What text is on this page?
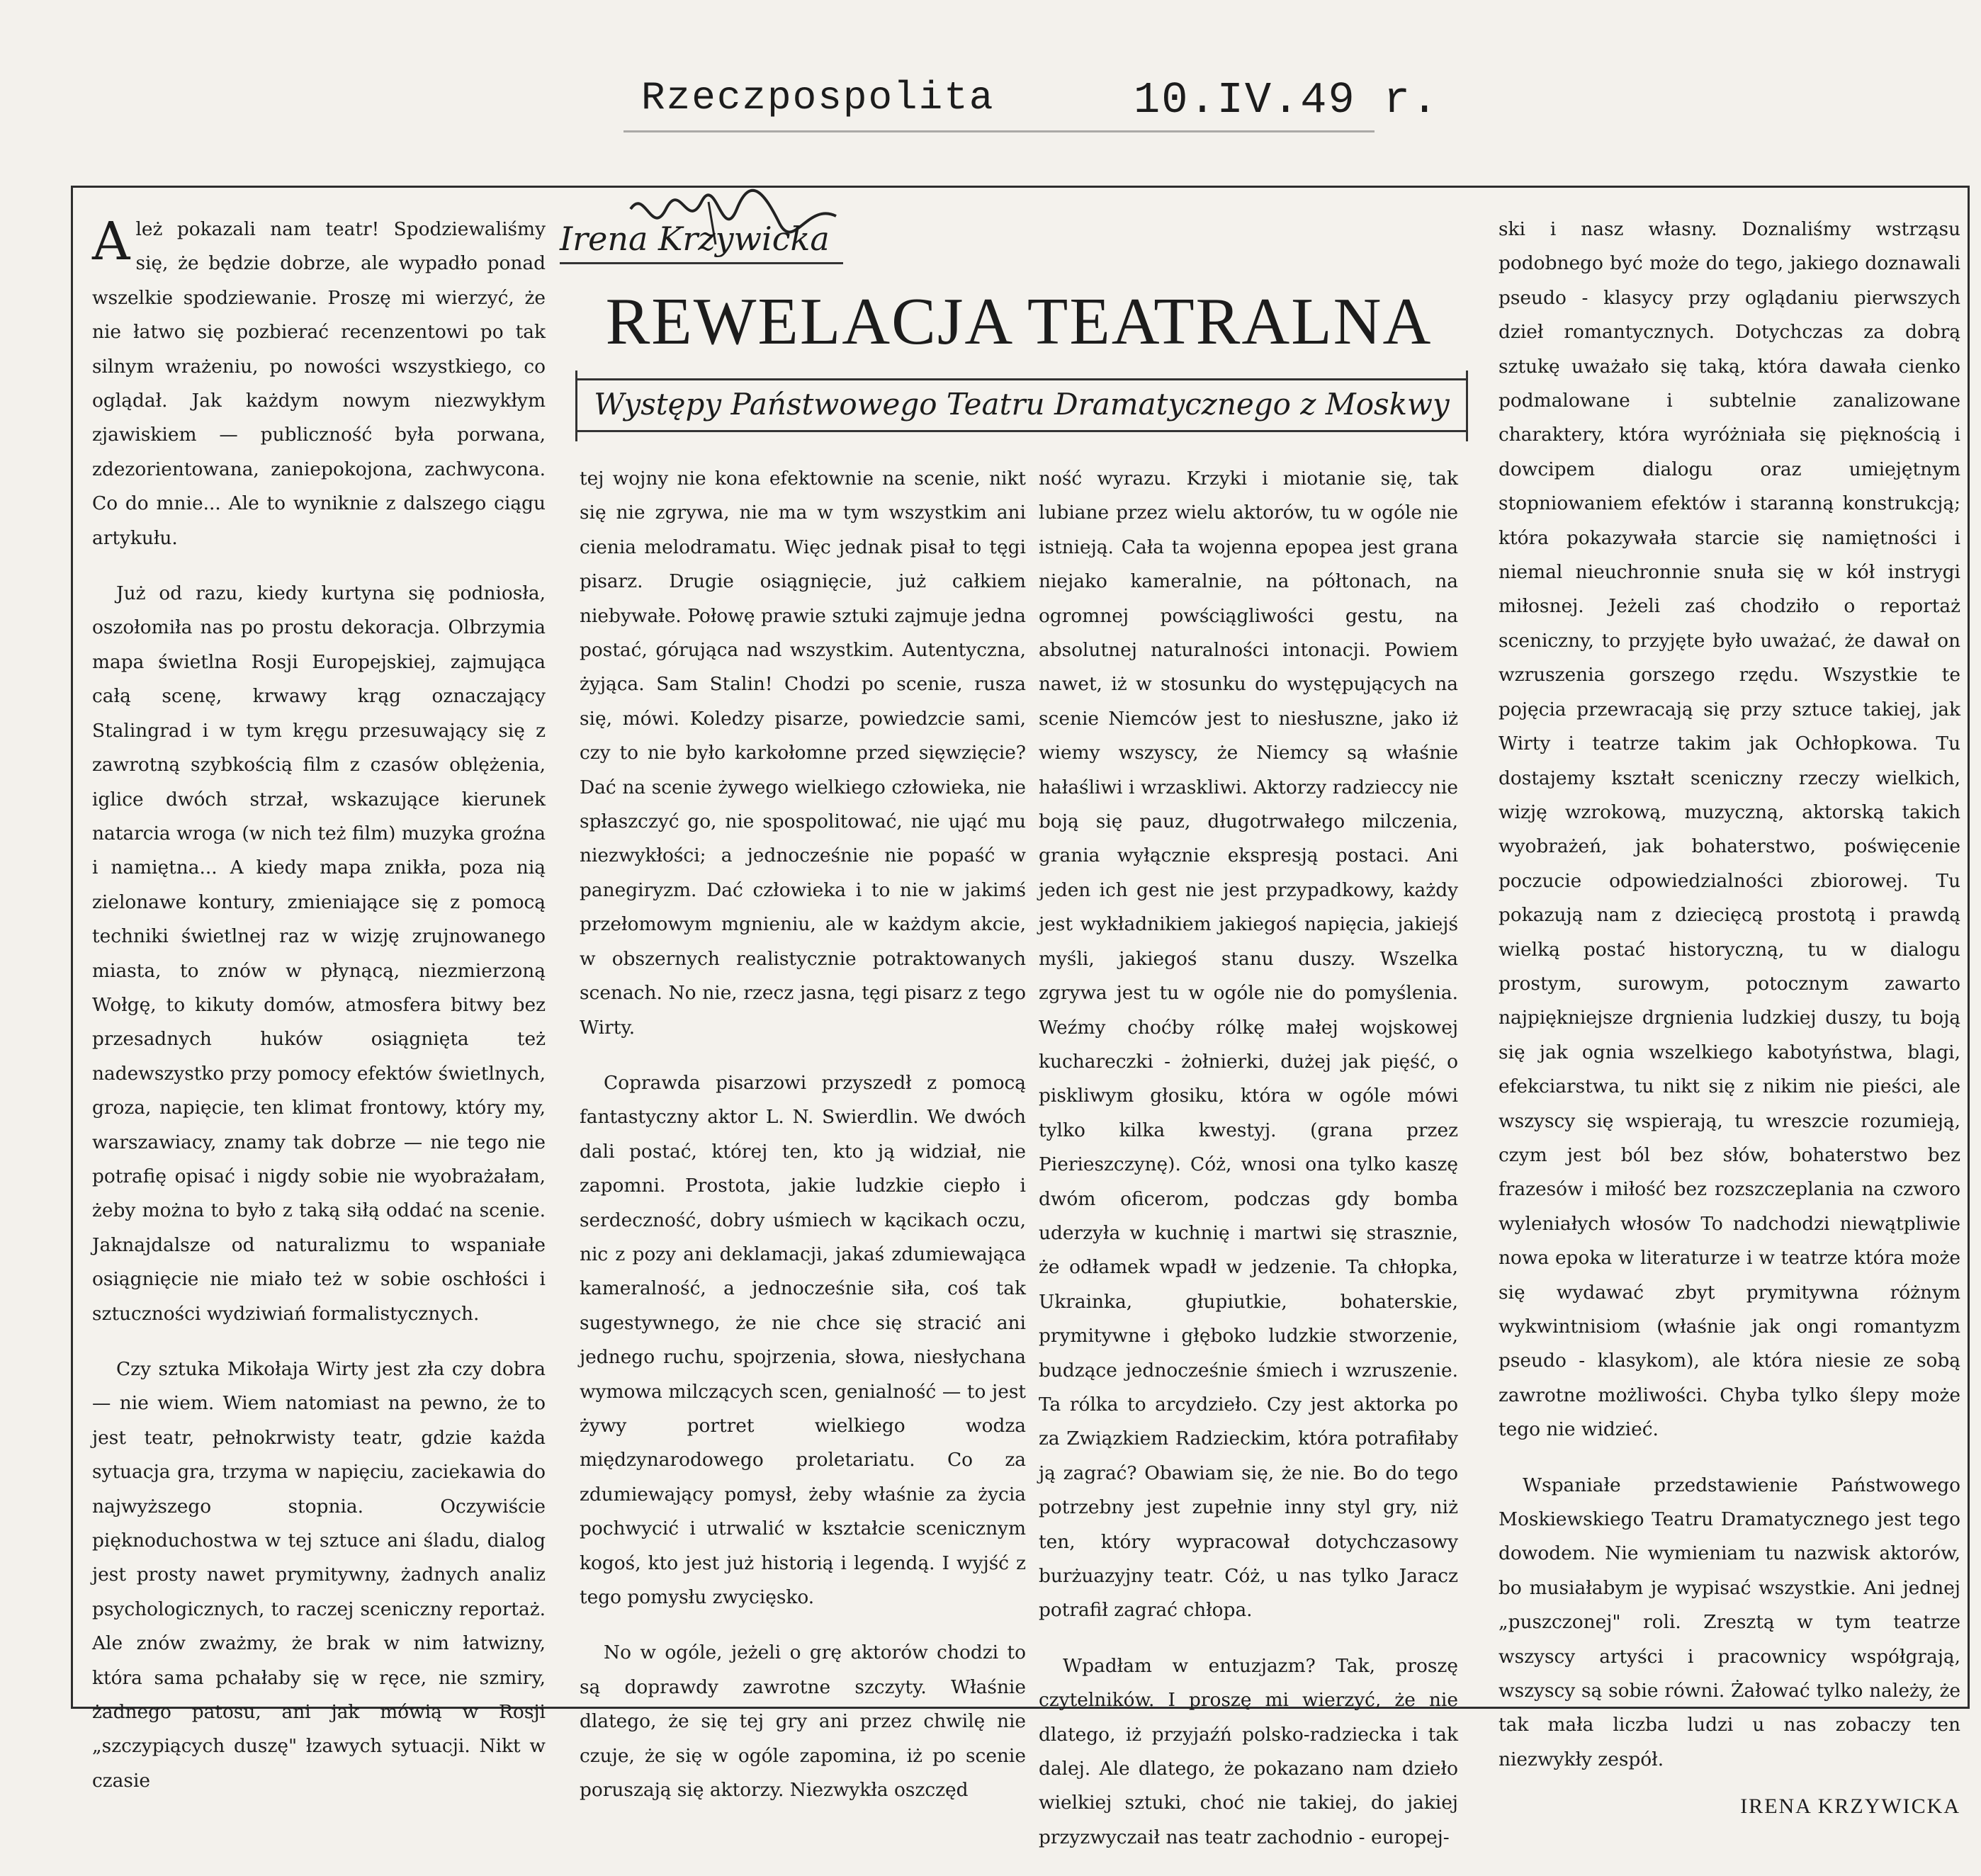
Rzeczpospolita	10.IV.49 r.
Irena Krzywicka
REWELACJA TEATRALNA
Występy Państwowego Teatru Dramatycznego z Moskwy

Ależ pokazali nam teatr! Spodziewaliśmy się, że będzie dobrze, ale wypadło ponad wszelkie spodziewanie. Proszę mi wierzyć, że nie łatwo się pozbierać recenzentowi po tak silnym wrażeniu, po nowości wszystkiego, co oglądał. Jak każdym nowym niezwykłym zjawiskiem — publiczność była porwana, zdezorientowana, zaniepokojona, zachwycona. Co do mnie... Ale to wyniknie z dalszego ciągu artykułu.

Już od razu, kiedy kurtyna się podniosła, oszołomiła nas po prostu dekoracja. Olbrzymia mapa świetlna Rosji Europejskiej, zajmująca całą scenę, krwawy krąg oznaczający Stalingrad i w tym kręgu przesuwający się z zawrotną szybkością film z czasów oblężenia, iglice dwóch strzał, wskazujące kierunek natarcia wroga (w nich też film) muzyka groźna i namiętna... A kiedy mapa znikła, poza nią zielonawe kontury, zmieniające się z pomocą techniki świetlnej raz w wizję zrujnowanego miasta, to znów w płynącą, niezmierzoną Wołgę, to kikuty domów, atmosfera bitwy bez przesadnych huków osiągnięta też nadewszystko przy pomocy efektów świetlnych, groza, napięcie, ten klimat frontowy, który my, warszawiacy, znamy tak dobrze — nie tego nie potrafię opisać i nigdy sobie nie wyobrażałam, żeby można to było z taką siłą oddać na scenie. Jaknajdalsze od naturalizmu to wspaniałe osiągnięcie nie miało też w sobie oschłości i sztuczności wydziwiań formalistycznych.

Czy sztuka Mikołaja Wirty jest zła czy dobra — nie wiem. Wiem natomiast na pewno, że to jest teatr, pełnokrwisty teatr, gdzie każda sytuacja gra, trzyma w napięciu, zaciekawia do najwyższego stopnia. Oczywiście pięknoduchostwa w tej sztuce ani śladu, dialog jest prosty nawet prymitywny, żadnych analiz psychologicznych, to raczej sceniczny reportaż. Ale znów zważmy, że brak w nim łatwizny, która sama pchałaby się w ręce, nie szmiry, żadnego patosu, ani jak mówią w Rosji „szczypiących duszę" łzawych sytuacji. Nikt w czasie

tej wojny nie kona efektownie na scenie, nikt się nie zgrywa, nie ma w tym wszystkim ani cienia melodramatu. Więc jednak pisał to tęgi pisarz. Drugie osiągnięcie, już całkiem niebywałe. Połowę prawie sztuki zajmuje jedna postać, górująca nad wszystkim. Autentyczna, żyjąca. Sam Stalin! Chodzi po scenie, rusza się, mówi. Koledzy pisarze, powiedzcie sami, czy to nie było karkołomne przed sięwzięcie? Dać na scenie żywego wielkiego człowieka, nie spłaszczyć go, nie spospolitować, nie ująć mu niezwykłości; a jednocześnie nie popaść w panegiryzm. Dać człowieka i to nie w jakimś przełomowym mgnieniu, ale w każdym akcie, w obszernych realistycznie potraktowanych scenach. No nie, rzecz jasna, tęgi pisarz z tego Wirty.

Coprawda pisarzowi przyszedł z pomocą fantastyczny aktor L. N. Swierdlin. We dwóch dali postać, której ten, kto ją widział, nie zapomni. Prostota, jakie ludzkie ciepło i serdeczność, dobry uśmiech w kącikach oczu, nic z pozy ani deklamacji, jakaś zdumiewająca kameralność, a jednocześnie siła, coś tak sugestywnego, że nie chce się stracić ani jednego ruchu, spojrzenia, słowa, niesłychana wymowa milczących scen, genialność — to jest żywy portret wielkiego wodza międzynarodowego proletariatu. Co za zdumiewający pomysł, żeby właśnie za życia pochwycić i utrwalić w kształcie scenicznym kogoś, kto jest już historią i legendą. I wyjść z tego pomysłu zwycięsko.

No w ogóle, jeżeli o grę aktorów chodzi to są doprawdy zawrotne szczyty. Właśnie dlatego, że się tej gry ani przez chwilę nie czuje, że się w ogóle zapomina, iż po scenie poruszają się aktorzy. Niezwykła oszczęd

ność wyrazu. Krzyki i miotanie się, tak lubiane przez wielu aktorów, tu w ogóle nie istnieją. Cała ta wojenna epopea jest grana niejako kameralnie, na półtonach, na ogromnej powściągliwości gestu, na absolutnej naturalności intonacji. Powiem nawet, iż w stosunku do występujących na scenie Niemców jest to niesłuszne, jako iż wiemy wszyscy, że Niemcy są właśnie hałaśliwi i wrzaskliwi. Aktorzy radzieccy nie boją się pauz, długotrwałego milczenia, grania wyłącznie ekspresją postaci. Ani jeden ich gest nie jest przypadkowy, każdy jest wykładnikiem jakiegoś napięcia, jakiejś myśli, jakiegoś stanu duszy. Wszelka zgrywa jest tu w ogóle nie do pomyślenia. Weźmy choćby rólkę małej wojskowej kuchareczki - żołnierki, dużej jak pięść, o piskliwym głosiku, która w ogóle mówi tylko kilka kwestyj. (grana przez Pierieszczynę). Cóż, wnosi ona tylko kaszę dwóm oficerom, podczas gdy bomba uderzyła w kuchnię i martwi się strasznie, że odłamek wpadł w jedzenie. Ta chłopka, Ukrainka, głupiutkie, bohaterskie, prymitywne i głęboko ludzkie stworzenie, budzące jednocześnie śmiech i wzruszenie. Ta rólka to arcydzieło. Czy jest aktorka po za Związkiem Radzieckim, która potrafiłaby ją zagrać? Obawiam się, że nie. Bo do tego potrzebny jest zupełnie inny styl gry, niż ten, który wypracował dotychczasowy burżuazyjny teatr. Cóż, u nas tylko Jaracz potrafił zagrać chłopa.

Wpadłam w entuzjazm? Tak, proszę czytelników. I proszę mi wierzyć, że nie dlatego, iż przyjaźń polsko-radziecka i tak dalej. Ale dlatego, że pokazano nam dzieło wielkiej sztuki, choć nie takiej, do jakiej przyzwyczaił nas teatr zachodnio - europej-

ski i nasz własny. Doznaliśmy wstrząsu podobnego być może do tego, jakiego doznawali pseudo - klasycy przy oglądaniu pierwszych dzieł romantycznych. Dotychczas za dobrą sztukę uważało się taką, która dawała cienko podmalowane i subtelnie zanalizowane charaktery, która wyróżniała się pięknością i dowcipem dialogu oraz umiejętnym stopniowaniem efektów i staranną konstrukcją; która pokazywała starcie się namiętności i niemal nieuchronnie snuła się w kół instrygi miłosnej. Jeżeli zaś chodziło o reportaż sceniczny, to przyjęte było uważać, że dawał on wzruszenia gorszego rzędu. Wszystkie te pojęcia przewracają się przy sztuce takiej, jak Wirty i teatrze takim jak Ochłopkowa. Tu dostajemy kształt sceniczny rzeczy wielkich, wizję wzrokową, muzyczną, aktorską takich wyobrażeń, jak bohaterstwo, poświęcenie poczucie odpowiedzialności zbiorowej. Tu pokazują nam z dziecięcą prostotą i prawdą wielką postać historyczną, tu w dialogu prostym, surowym, potocznym zawarto najpiękniejsze drgnienia ludzkiej duszy, tu boją się jak ognia wszelkiego kabotyństwa, blagi, efekciarstwa, tu nikt się z nikim nie pieści, ale wszyscy się wspierają, tu wreszcie rozumieją, czym jest ból bez słów, bohaterstwo bez frazesów i miłość bez rozszczeplania na czworo wyleniałych włosów To nadchodzi niewątpliwie nowa epoka w literaturze i w teatrze która może się wydawać zbyt prymitywna różnym wykwintnisiom (właśnie jak ongi romantyzm pseudo - klasykom), ale która niesie ze sobą zawrotne możliwości. Chyba tylko ślepy może tego nie widzieć.

Wspaniałe przedstawienie Państwowego Moskiewskiego Teatru Dramatycznego jest tego dowodem. Nie wymieniam tu nazwisk aktorów, bo musiałabym je wypisać wszystkie. Ani jednej „puszczonej" roli. Zresztą w tym teatrze wszyscy artyści i pracownicy współgrają, wszyscy są sobie równi. Żałować tylko należy, że tak mała liczba ludzi u nas zobaczy ten niezwykły zespół.

IRENA KRZYWICKA
